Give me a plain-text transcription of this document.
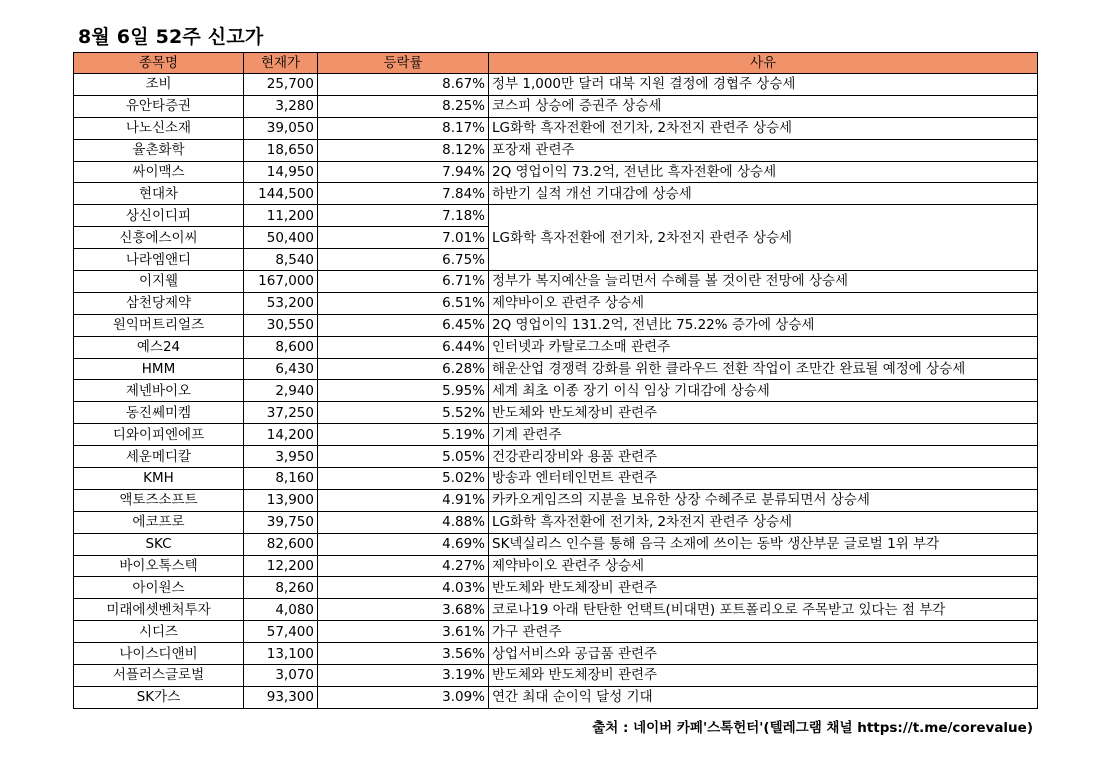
8월 6일 52주 신고가
종목명	현재가	등락률	사유
조비	25,700	8.67%	정부 1,000만 달러 대북 지원 결정에 경협주 상승세
유안타증권	3,280	8.25%	코스피 상승에 증권주 상승세
나노신소재	39,050	8.17%	LG화학 흑자전환에 전기차, 2차전지 관련주 상승세
율촌화학	18,650	8.12%	포장재 관련주
싸이맥스	14,950	7.94%	2Q 영업이익 73.2억, 전년比 흑자전환에 상승세
현대차	144,500	7.84%	하반기 실적 개선 기대감에 상승세
상신이디피	11,200	7.18%	LG화학 흑자전환에 전기차, 2차전지 관련주 상승세
신흥에스이씨	50,400	7.01%	
나라엠앤디	8,540	6.75%	
이지웰	167,000	6.71%	정부가 복지예산을 늘리면서 수혜를 볼 것이란 전망에 상승세
삼천당제약	53,200	6.51%	제약바이오 관련주 상승세
원익머트리얼즈	30,550	6.45%	2Q 영업이익 131.2억, 전년比 75.22% 증가에 상승세
예스24	8,600	6.44%	인터넷과 카탈로그소매 관련주
HMM	6,430	6.28%	해운산업 경쟁력 강화를 위한 클라우드 전환 작업이 조만간 완료될 예정에 상승세
제넨바이오	2,940	5.95%	세계 최초 이종 장기 이식 임상 기대감에 상승세
동진쎄미켐	37,250	5.52%	반도체와 반도체장비 관련주
디와이피엔에프	14,200	5.19%	기계 관련주
세운메디칼	3,950	5.05%	건강관리장비와 용품 관련주
KMH	8,160	5.02%	방송과 엔터테인먼트 관련주
액토즈소프트	13,900	4.91%	카카오게임즈의 지분을 보유한 상장 수혜주로 분류되면서 상승세
에코프로	39,750	4.88%	LG화학 흑자전환에 전기차, 2차전지 관련주 상승세
SKC	82,600	4.69%	SK넥실리스 인수를 통해 음극 소재에 쓰이는 동박 생산부문 글로벌 1위 부각
바이오톡스텍	12,200	4.27%	제약바이오 관련주 상승세
아이원스	8,260	4.03%	반도체와 반도체장비 관련주
미래에셋벤처투자	4,080	3.68%	코로나19 아래 탄탄한 언택트(비대면) 포트폴리오로 주목받고 있다는 점 부각
시디즈	57,400	3.61%	가구 관련주
나이스디앤비	13,100	3.56%	상업서비스와 공급품 관련주
서플러스글로벌	3,070	3.19%	반도체와 반도체장비 관련주
SK가스	93,300	3.09%	연간 최대 순이익 달성 기대
출처 : 네이버 카페'스톡헌터'(텔레그램 채널 https://t.me/corevalue)
